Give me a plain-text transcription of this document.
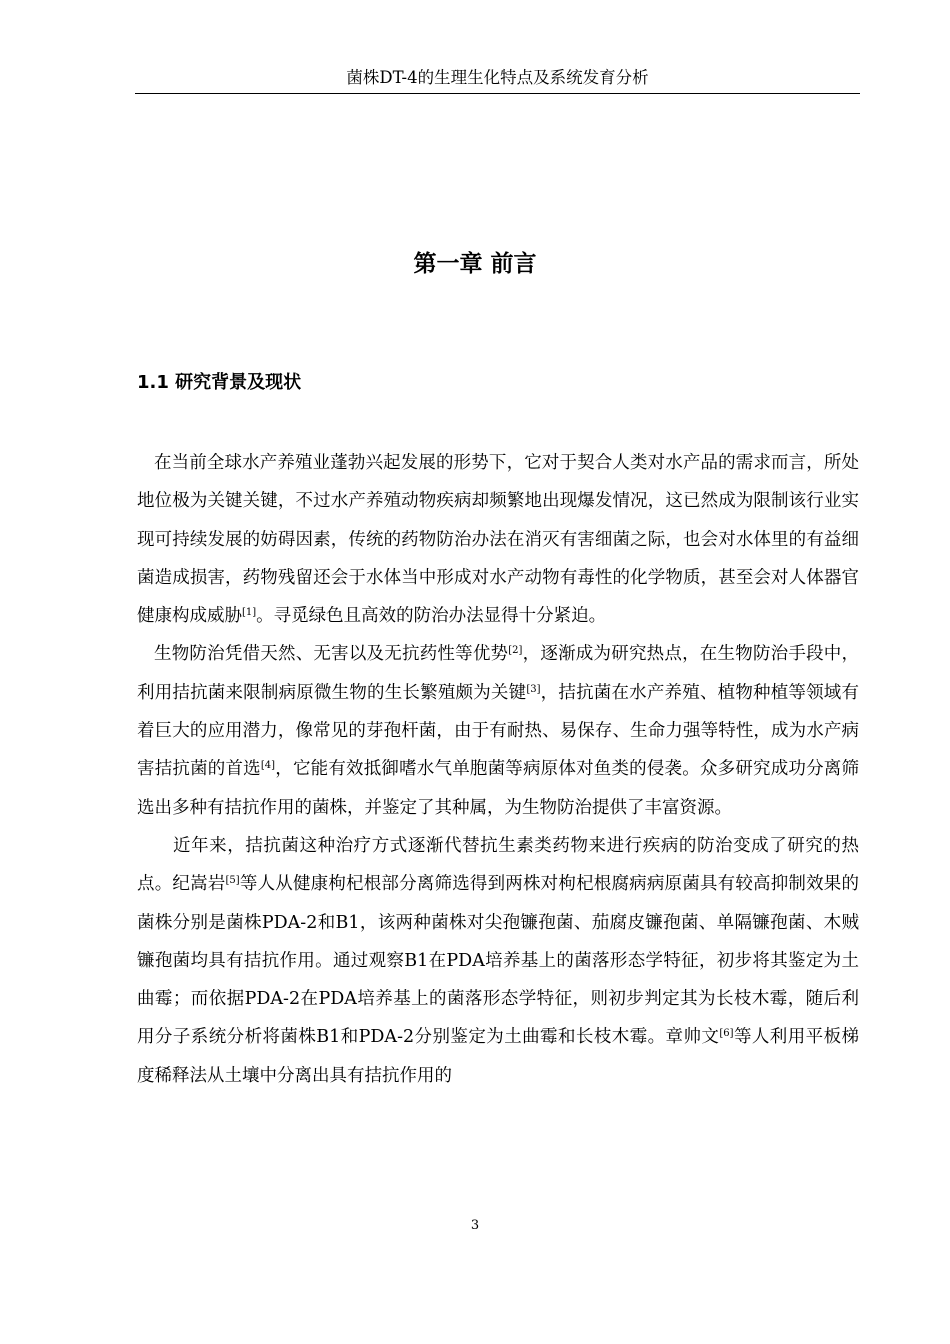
菌株DT-4的生理生化特点及系统发育分析
第一章 前言
1.1 研究背景及现状

在当前全球水产养殖业蓬勃兴起发展的形势下，它对于契合人类对水产品的需求而言，所处地位极为关键关键，不过水产养殖动物疾病却频繁地出现爆发情况，这已然成为限制该行业实现可持续发展的妨碍因素，传统的药物防治办法在消灭有害细菌之际，也会对水体里的有益细菌造成损害，药物残留还会于水体当中形成对水产动物有毒性的化学物质，甚至会对人体器官健康构成威胁[1]。寻觅绿色且高效的防治办法显得十分紧迫。

生物防治凭借天然、无害以及无抗药性等优势[2]，逐渐成为研究热点，在生物防治手段中，利用拮抗菌来限制病原微生物的生长繁殖颇为关键[3]，拮抗菌在水产养殖、植物种植等领域有着巨大的应用潜力，像常见的芽孢杆菌，由于有耐热、易保存、生命力强等特性，成为水产病害拮抗菌的首选[4]，它能有效抵御嗜水气单胞菌等病原体对鱼类的侵袭。众多研究成功分离筛选出多种有拮抗作用的菌株，并鉴定了其种属，为生物防治提供了丰富资源。

近年来，拮抗菌这种治疗方式逐渐代替抗生素类药物来进行疾病的防治变成了研究的热点。纪嵩岩[5]等人从健康枸杞根部分离筛选得到两株对枸杞根腐病病原菌具有较高抑制效果的菌株分别是菌株PDA-2和B1，该两种菌株对尖孢镰孢菌、茄腐皮镰孢菌、单隔镰孢菌、木贼镰孢菌均具有拮抗作用。通过观察B1在PDA培养基上的菌落形态学特征，初步将其鉴定为土曲霉；而依据PDA-2在PDA培养基上的菌落形态学特征，则初步判定其为长枝木霉，随后利用分子系统分析将菌株B1和PDA-2分别鉴定为土曲霉和长枝木霉。章帅文[6]等人利用平板梯度稀释法从土壤中分离出具有拮抗作用的

3
